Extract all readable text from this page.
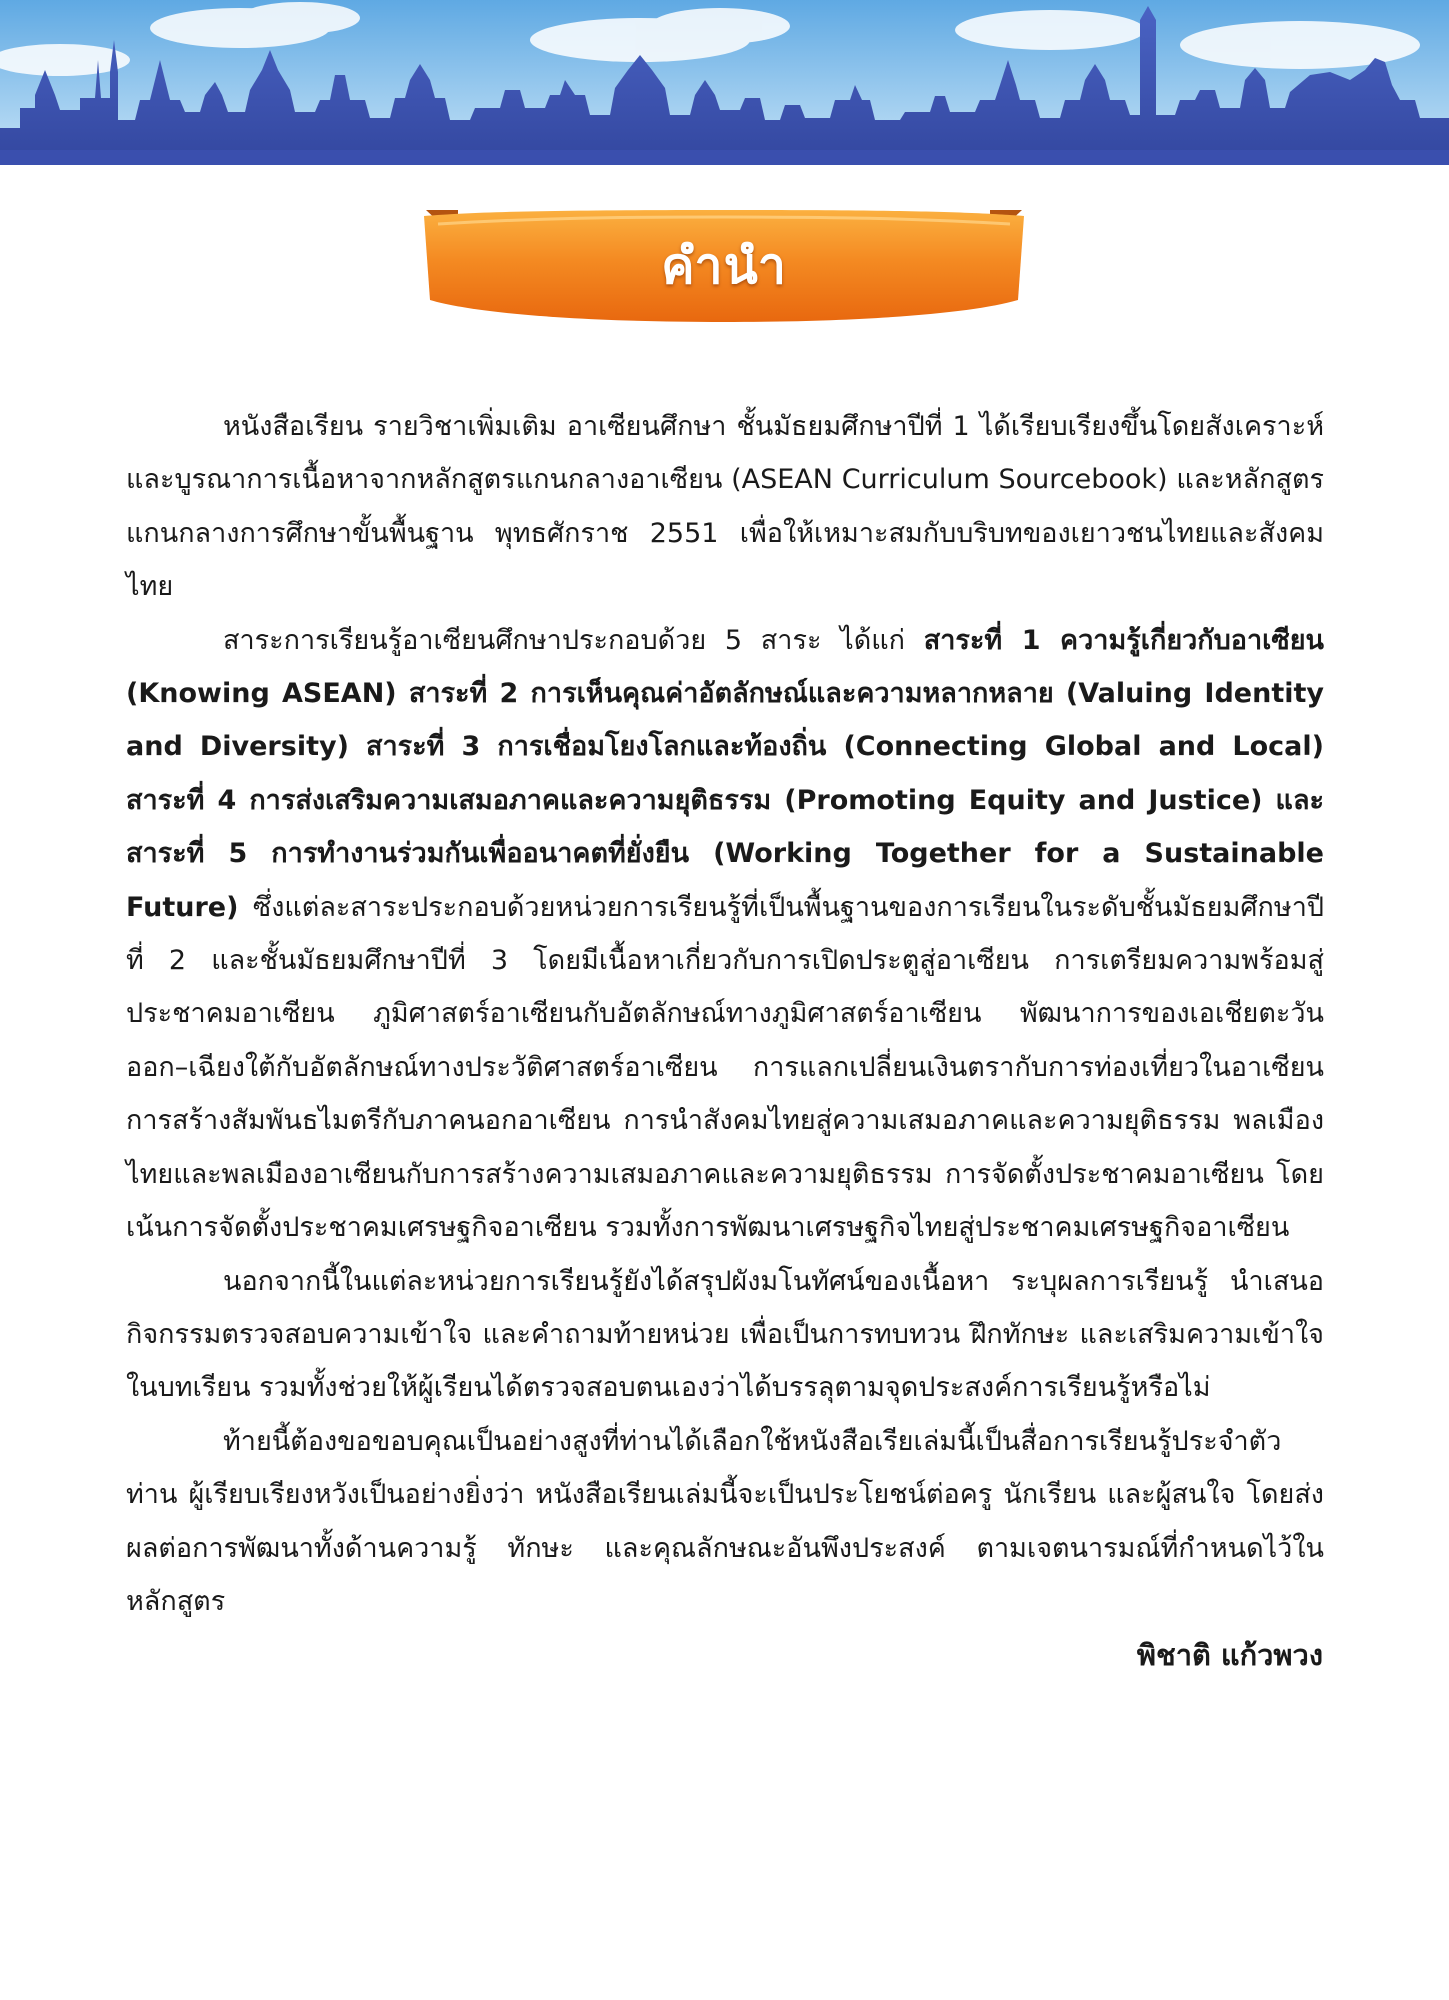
คำนำ

หนังสือเรียน รายวิชาเพิ่มเติม อาเซียนศึกษา ชั้นมัธยมศึกษาปีที่ 1 ได้เรียบเรียงขึ้นโดยสังเคราะห์และบูรณาการเนื้อหาจากหลักสูตรแกนกลางอาเซียน (ASEAN Curriculum Sourcebook) และหลักสูตรแกนกลางการศึกษาขั้นพื้นฐาน พุทธศักราช 2551 เพื่อให้เหมาะสมกับบริบทของเยาวชนไทยและสังคมไทย

สาระการเรียนรู้อาเซียนศึกษาประกอบด้วย 5 สาระ ได้แก่ สาระที่ 1 ความรู้เกี่ยวกับอาเซียน (Knowing ASEAN) สาระที่ 2 การเห็นคุณค่าอัตลักษณ์และความหลากหลาย (Valuing Identity and Diversity) สาระที่ 3 การเชื่อมโยงโลกและท้องถิ่น (Connecting Global and Local) สาระที่ 4 การส่งเสริมความเสมอภาคและความยุติธรรม (Promoting Equity and Justice) และสาระที่ 5 การทำงานร่วมกันเพื่ออนาคตที่ยั่งยืน (Working Together for a Sustainable Future) ซึ่งแต่ละสาระประกอบด้วยหน่วยการเรียนรู้ที่เป็นพื้นฐานของการเรียนในระดับชั้นมัธยมศึกษาปีที่ 2 และชั้นมัธยมศึกษาปีที่ 3 โดยมีเนื้อหาเกี่ยวกับการเปิดประตูสู่อาเซียน การเตรียมความพร้อมสู่ประชาคมอาเซียน ภูมิศาสตร์อาเซียนกับอัตลักษณ์ทางภูมิศาสตร์อาเซียน พัฒนาการของเอเชียตะวันออก–เฉียงใต้กับอัตลักษณ์ทางประวัติศาสตร์อาเซียน การแลกเปลี่ยนเงินตรากับการท่องเที่ยวในอาเซียน การสร้างสัมพันธไมตรีกับภาคนอกอาเซียน การนำสังคมไทยสู่ความเสมอภาคและความยุติธรรม พลเมืองไทยและพลเมืองอาเซียนกับการสร้างความเสมอภาคและความยุติธรรม การจัดตั้งประชาคมอาเซียน โดยเน้นการจัดตั้งประชาคมเศรษฐกิจอาเซียน รวมทั้งการพัฒนาเศรษฐกิจไทยสู่ประชาคมเศรษฐกิจอาเซียน

นอกจากนี้ในแต่ละหน่วยการเรียนรู้ยังได้สรุปผังมโนทัศน์ของเนื้อหา ระบุผลการเรียนรู้ นำเสนอกิจกรรมตรวจสอบความเข้าใจ และคำถามท้ายหน่วย เพื่อเป็นการทบทวน ฝึกทักษะ และเสริมความเข้าใจในบทเรียน รวมทั้งช่วยให้ผู้เรียนได้ตรวจสอบตนเองว่าได้บรรลุตามจุดประสงค์การเรียนรู้หรือไม่

ท้ายนี้ต้องขอขอบคุณเป็นอย่างสูงที่ท่านได้เลือกใช้หนังสือเรียเล่มนี้เป็นสื่อการเรียนรู้ประจำตัวท่าน ผู้เรียบเรียงหวังเป็นอย่างยิ่งว่า หนังสือเรียนเล่มนี้จะเป็นประโยชน์ต่อครู นักเรียน และผู้สนใจ โดยส่งผลต่อการพัฒนาทั้งด้านความรู้ ทักษะ และคุณลักษณะอันพึงประสงค์ ตามเจตนารมณ์ที่กำหนดไว้ในหลักสูตร

พิชาติ แก้วพวง
